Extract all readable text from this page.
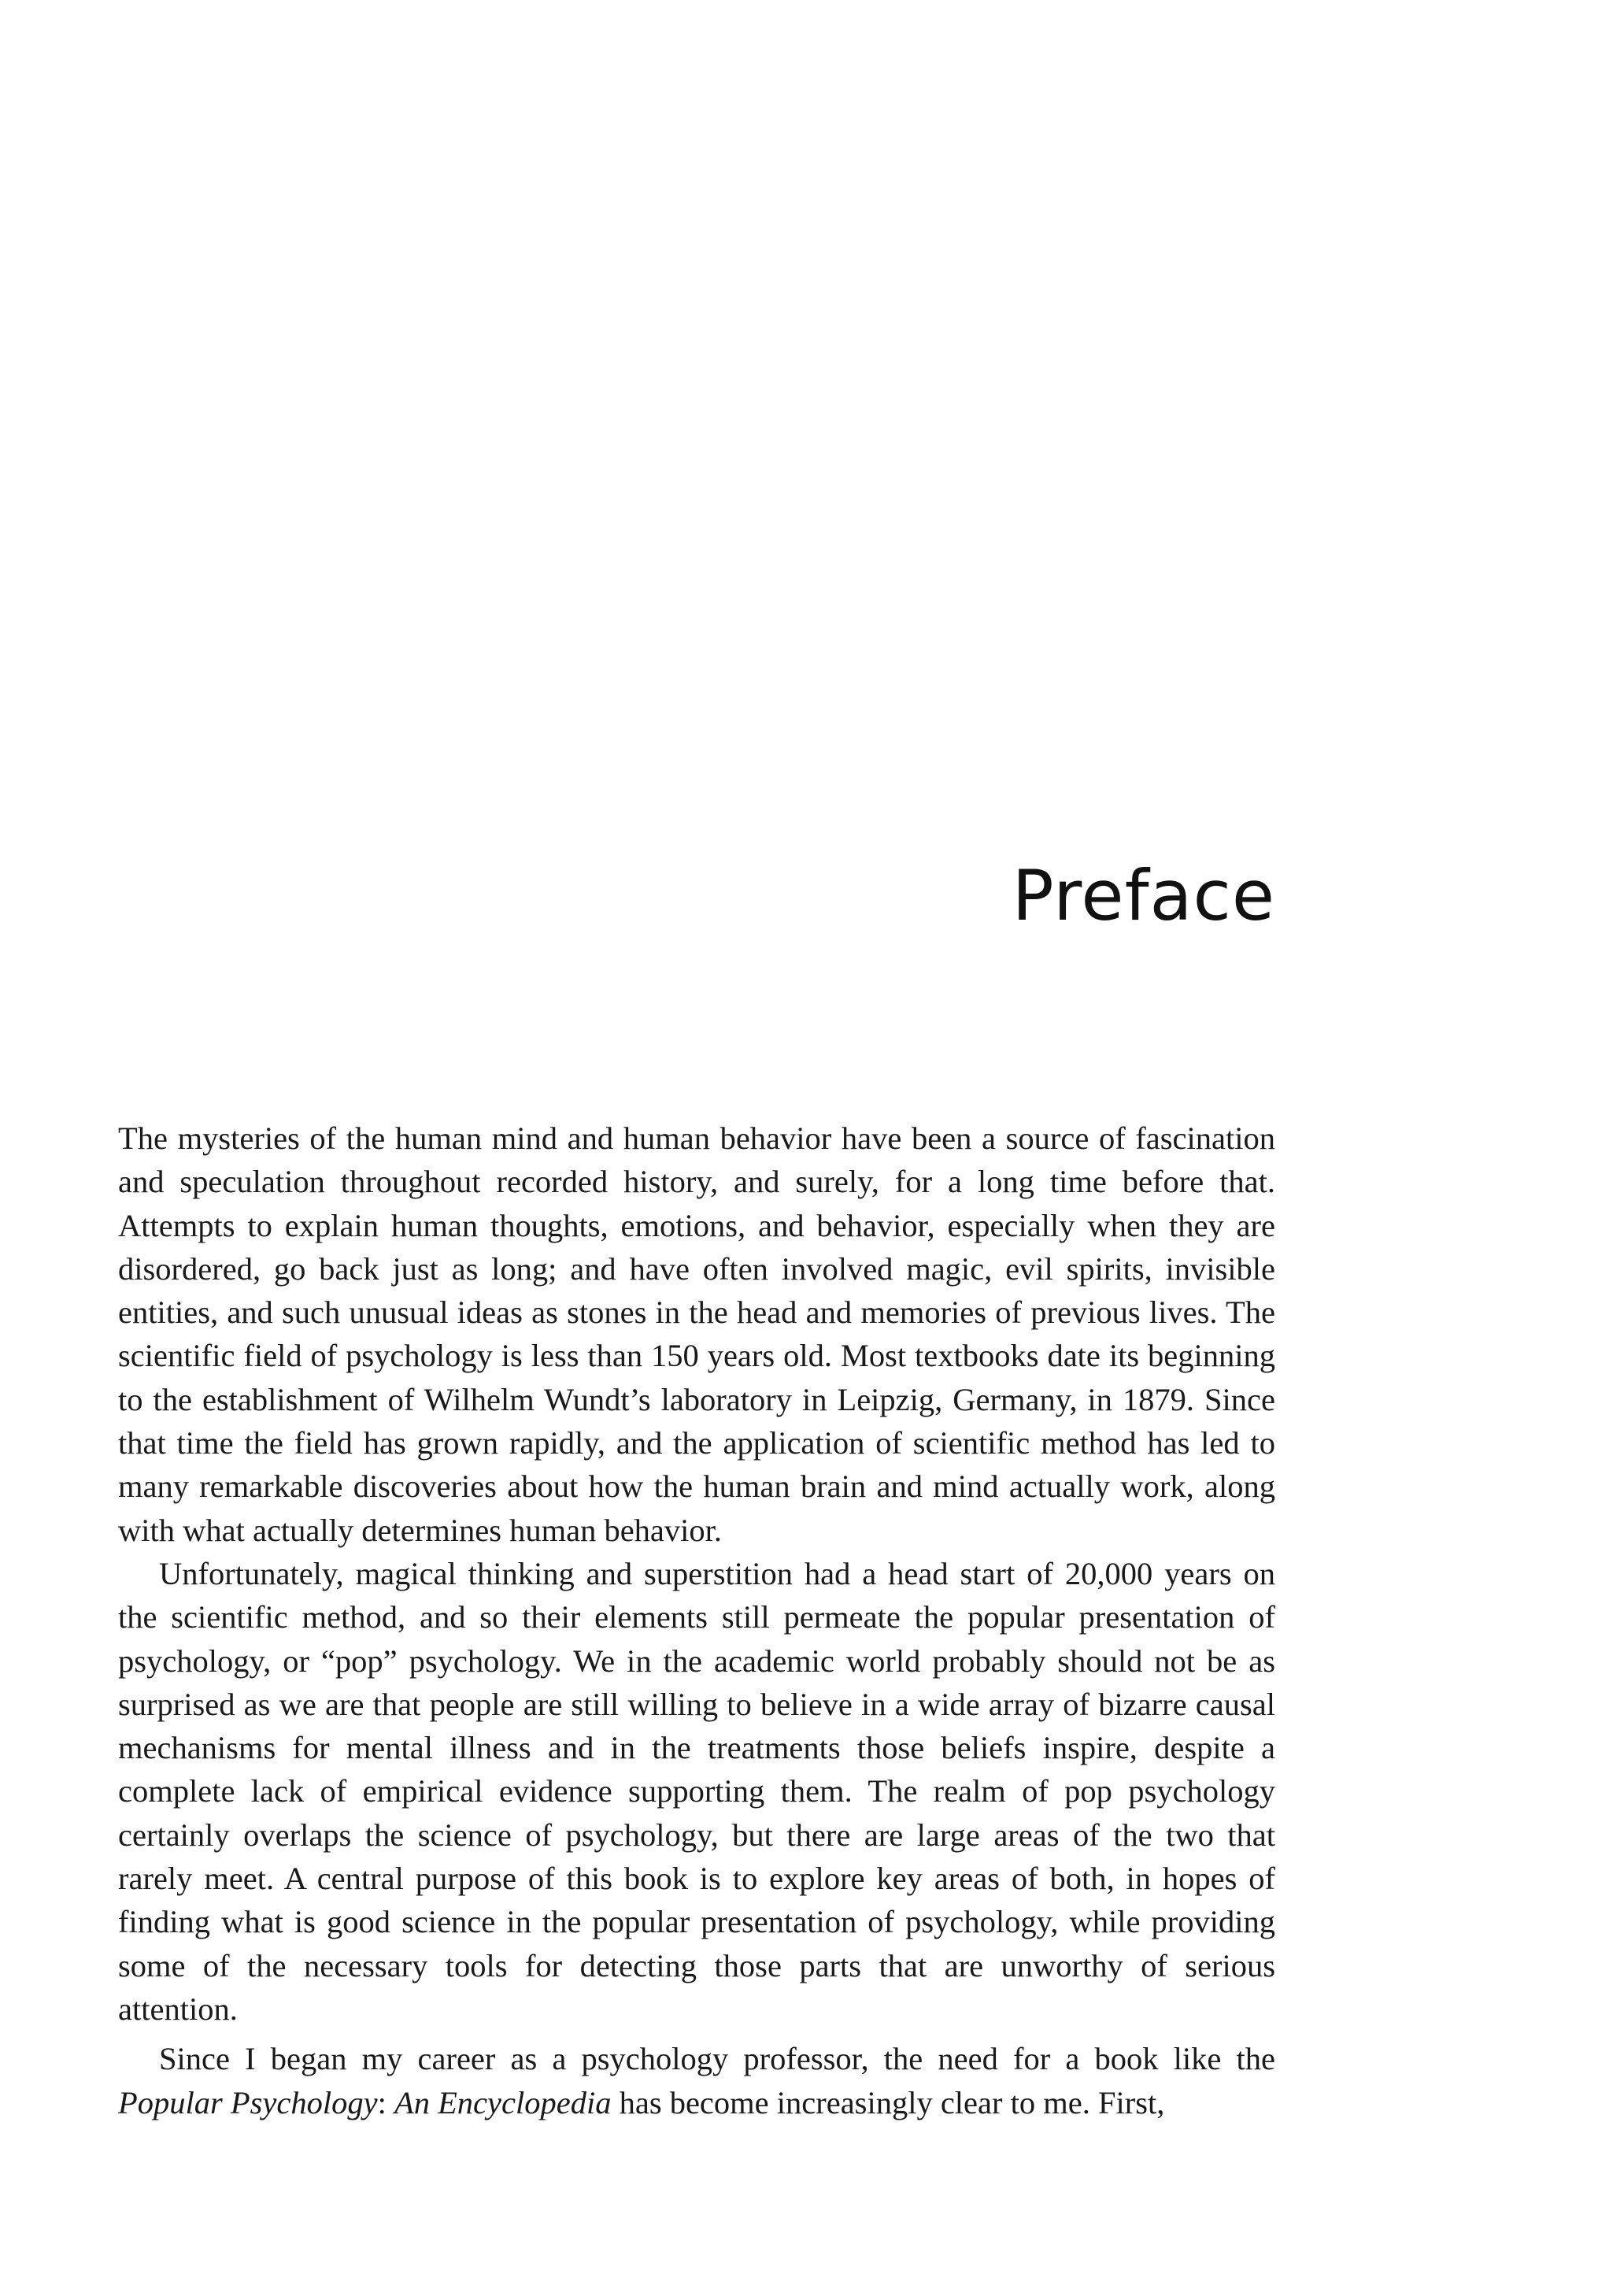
Preface

The mysteries of the human mind and human behavior have been a source of fascination and speculation throughout recorded history, and surely, for a long time before that. Attempts to explain human thoughts, emotions, and behavior, especially when they are disordered, go back just as long; and have often involved magic, evil spirits, invisible entities, and such unusual ideas as stones in the head and memories of previous lives. The scientific field of psychology is less than 150 years old. Most textbooks date its beginning to the establishment of Wilhelm Wundt’s laboratory in Leipzig, Germany, in 1879. Since that time the field has grown rapidly, and the application of scientific method has led to many remarkable discoveries about how the human brain and mind actually work, along with what actually determines human behavior.

Unfortunately, magical thinking and superstition had a head start of 20,000 years on the scientific method, and so their elements still permeate the popular presentation of psychology, or “pop” psychology. We in the academic world probably should not be as surprised as we are that people are still willing to believe in a wide array of bizarre causal mechanisms for mental illness and in the treatments those beliefs inspire, despite a complete lack of empirical evidence supporting them. The realm of pop psychology certainly overlaps the science of psychology, but there are large areas of the two that rarely meet. A central purpose of this book is to explore key areas of both, in hopes of finding what is good science in the popular presentation of psychology, while providing some of the necessary tools for detecting those parts that are unworthy of serious attention.

Since I began my career as a psychology professor, the need for a book like the Popular Psychology: An Encyclopedia has become increasingly clear to me. First,
